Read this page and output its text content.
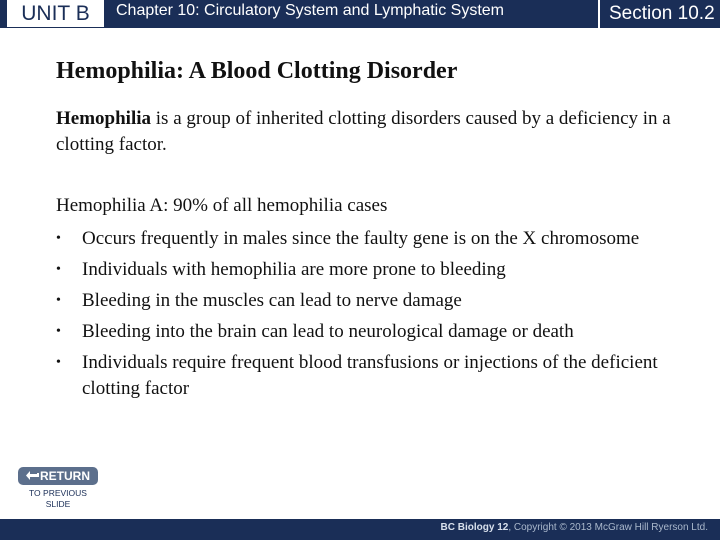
UNIT B	Chapter 10: Circulatory System and Lymphatic System	Section 10.2
Hemophilia: A Blood Clotting Disorder
Hemophilia is a group of inherited clotting disorders caused by a deficiency in a clotting factor.
Hemophilia A: 90% of all hemophilia cases
• Occurs frequently in males since the faulty gene is on the X chromosome
• Individuals with hemophilia are more prone to bleeding
• Bleeding in the muscles can lead to nerve damage
• Bleeding into the brain can lead to neurological damage or death
• Individuals require frequent blood transfusions or injections of the deficient clotting factor
RETURN
TO PREVIOUS
SLIDE
BC Biology 12, Copyright © 2013 McGraw Hill Ryerson Ltd.
